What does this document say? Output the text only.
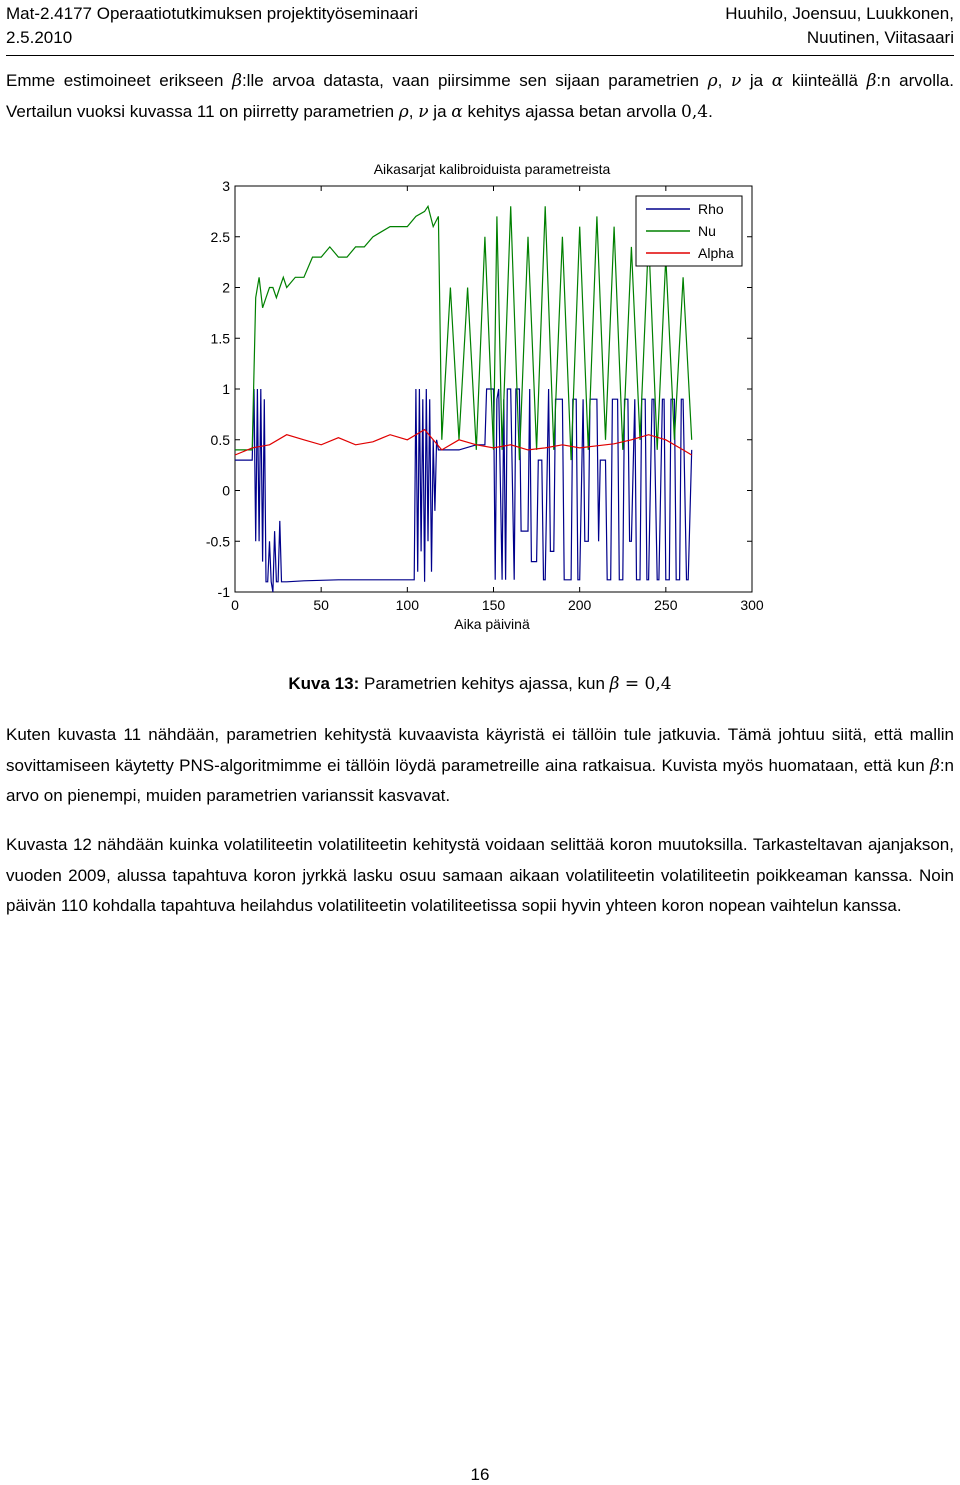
Mat-2.4177 Operaatiotutkimuksen projektityöseminaari
2.5.2010
Huuhilo, Joensuu, Luukkonen,
Nuutinen, Viitasaari
Emme estimoineet erikseen β:lle arvoa datasta, vaan piirsimme sen sijaan parametrien ρ, ν ja α kiinteällä β:n arvolla. Vertailun vuoksi kuvassa 11 on piirretty parametrien ρ, ν ja α kehitys ajassa betan arvolla 0,4.
Aikasarjat kalibroiduista parametreista
-1
-0.5
0
0.5
1
1.5
2
2.5
3
0	50	100	150	200	250	300
Rho
Nu
Alpha
Aika päivinä
Kuva 13: Parametrien kehitys ajassa, kun β = 0,4
Kuten kuvasta 11 nähdään, parametrien kehitystä kuvaavista käyristä ei tällöin tule jatkuvia. Tämä johtuu siitä, että mallin sovittamiseen käytetty PNS-algoritmimme ei tällöin löydä parametreille aina ratkaisua. Kuvista myös huomataan, että kun β:n arvo on pienempi, muiden parametrien varianssit kasvavat.
Kuvasta 12 nähdään kuinka volatiliteetin volatiliteetin kehitystä voidaan selittää koron muutoksilla. Tarkasteltavan ajanjakson, vuoden 2009, alussa tapahtuva koron jyrkkä lasku osuu samaan aikaan volatiliteetin volatiliteetin poikkeaman kanssa. Noin päivän 110 kohdalla tapahtuva heilahdus volatiliteetin volatiliteetissa sopii hyvin yhteen koron nopean vaihtelun kanssa.
16
